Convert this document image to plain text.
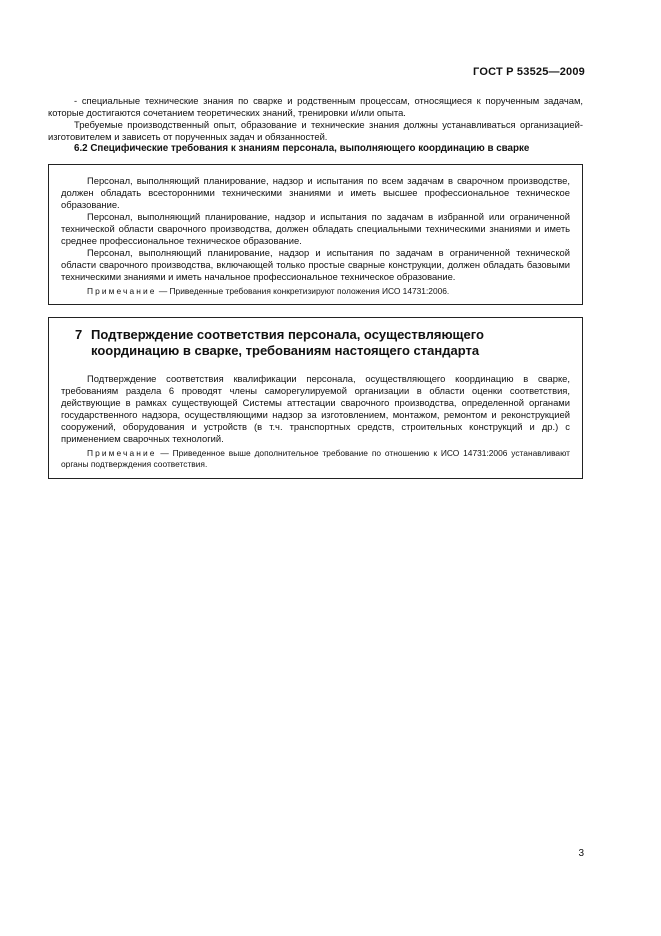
ГОСТ Р 53525—2009

- специальные технические знания по сварке и родственным процессам, относящиеся к порученным задачам, которые достигаются сочетанием теоретических знаний, тренировки и/или опыта.

Требуемые производственный опыт, образование и технические знания должны устанавливаться организацией-изготовителем и зависеть от порученных задач и обязанностей.

6.2 Специфические требования к знаниям персонала, выполняющего координацию в сварке

Персонал, выполняющий планирование, надзор и испытания по всем задачам в сварочном производстве, должен обладать всесторонними техническими знаниями и иметь высшее профессиональное техническое образование.

Персонал, выполняющий планирование, надзор и испытания по задачам в избранной или ограниченной технической области сварочного производства, должен обладать специальными техническими знаниями и иметь среднее профессиональное техническое образование.

Персонал, выполняющий планирование, надзор и испытания по задачам в ограниченной технической области сварочного производства, включающей только простые сварные конструкции, должен обладать базовыми техническими знаниями и иметь начальное профессиональное техническое образование.

Примечание — Приведенные требования конкретизируют положения ИСО 14731:2006.

7 Подтверждение соответствия персонала, осуществляющего
координацию в сварке, требованиям настоящего стандарта

Подтверждение соответствия квалификации персонала, осуществляющего координацию в сварке, требованиям раздела 6 проводят члены саморегулируемой организации в области оценки соответствия, действующие в рамках существующей Системы аттестации сварочного производства, определенной органами государственного надзора, осуществляющими надзор за изготовлением, монтажом, ремонтом и реконструкцией сооружений, оборудования и устройств (в т.ч. транспортных средств, строительных конструкций и др.) с применением сварочных технологий.

Примечание — Приведенное выше дополнительное требование по отношению к ИСО 14731:2006 устанавливают органы подтверждения соответствия.

3
